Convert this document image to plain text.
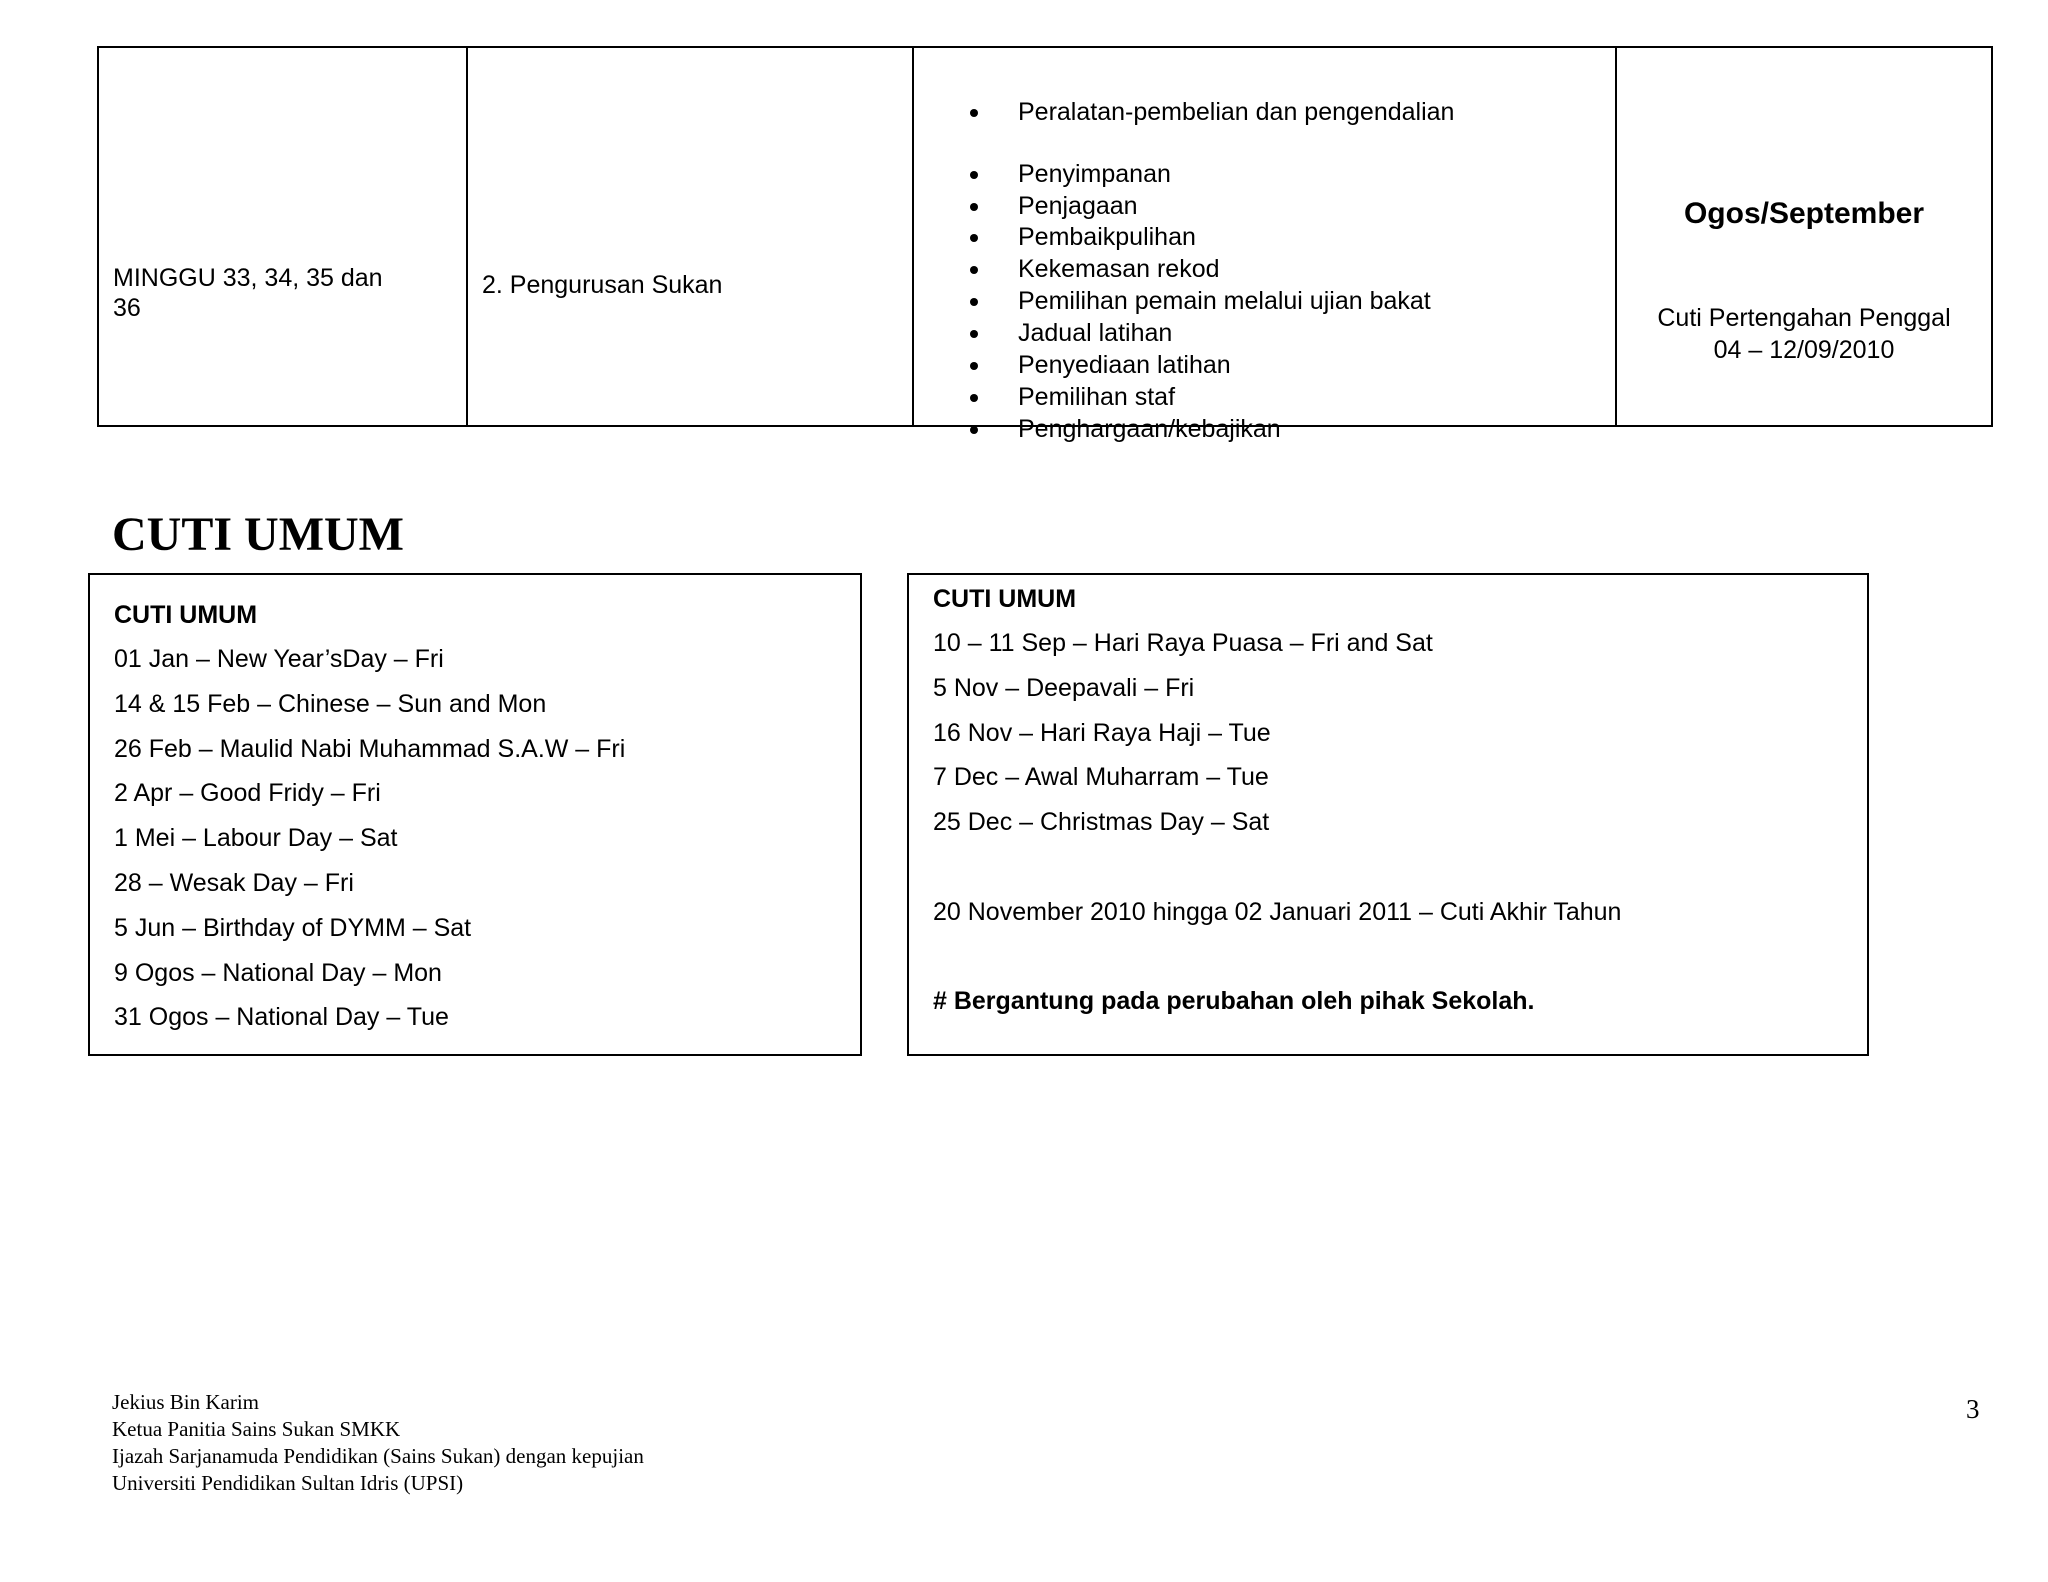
MINGGU 33, 34, 35 dan 36

2. Pengurusan Sukan

Peralatan-pembelian dan pengendalian
Penyimpanan
Penjagaan
Pembaikpulihan
Kekemasan rekod
Pemilihan pemain melalui ujian bakat
Jadual latihan
Penyediaan latihan
Pemilihan staf
Penghargaan/kebajikan

Ogos/September
Cuti Pertengahan Penggal
04 – 12/09/2010
CUTI UMUM
CUTI UMUM
01 Jan – New Year’sDay – Fri
14 & 15 Feb – Chinese – Sun and Mon
26 Feb – Maulid Nabi Muhammad S.A.W – Fri
2 Apr – Good Fridy – Fri
1 Mei – Labour Day – Sat
28 – Wesak Day – Fri
5 Jun – Birthday of DYMM – Sat
9 Ogos – National Day – Mon
31 Ogos – National Day – Tue
CUTI UMUM
10 – 11 Sep – Hari Raya Puasa – Fri and Sat
5 Nov – Deepavali – Fri
16 Nov – Hari Raya Haji – Tue
7 Dec – Awal Muharram – Tue
25 Dec – Christmas Day – Sat
20 November 2010 hingga 02 Januari 2011 – Cuti Akhir Tahun
# Bergantung pada perubahan oleh pihak Sekolah.
Jekius Bin Karim
Ketua Panitia Sains Sukan SMKK
Ijazah Sarjanamuda Pendidikan (Sains Sukan) dengan kepujian
Universiti Pendidikan Sultan Idris (UPSI)
3
